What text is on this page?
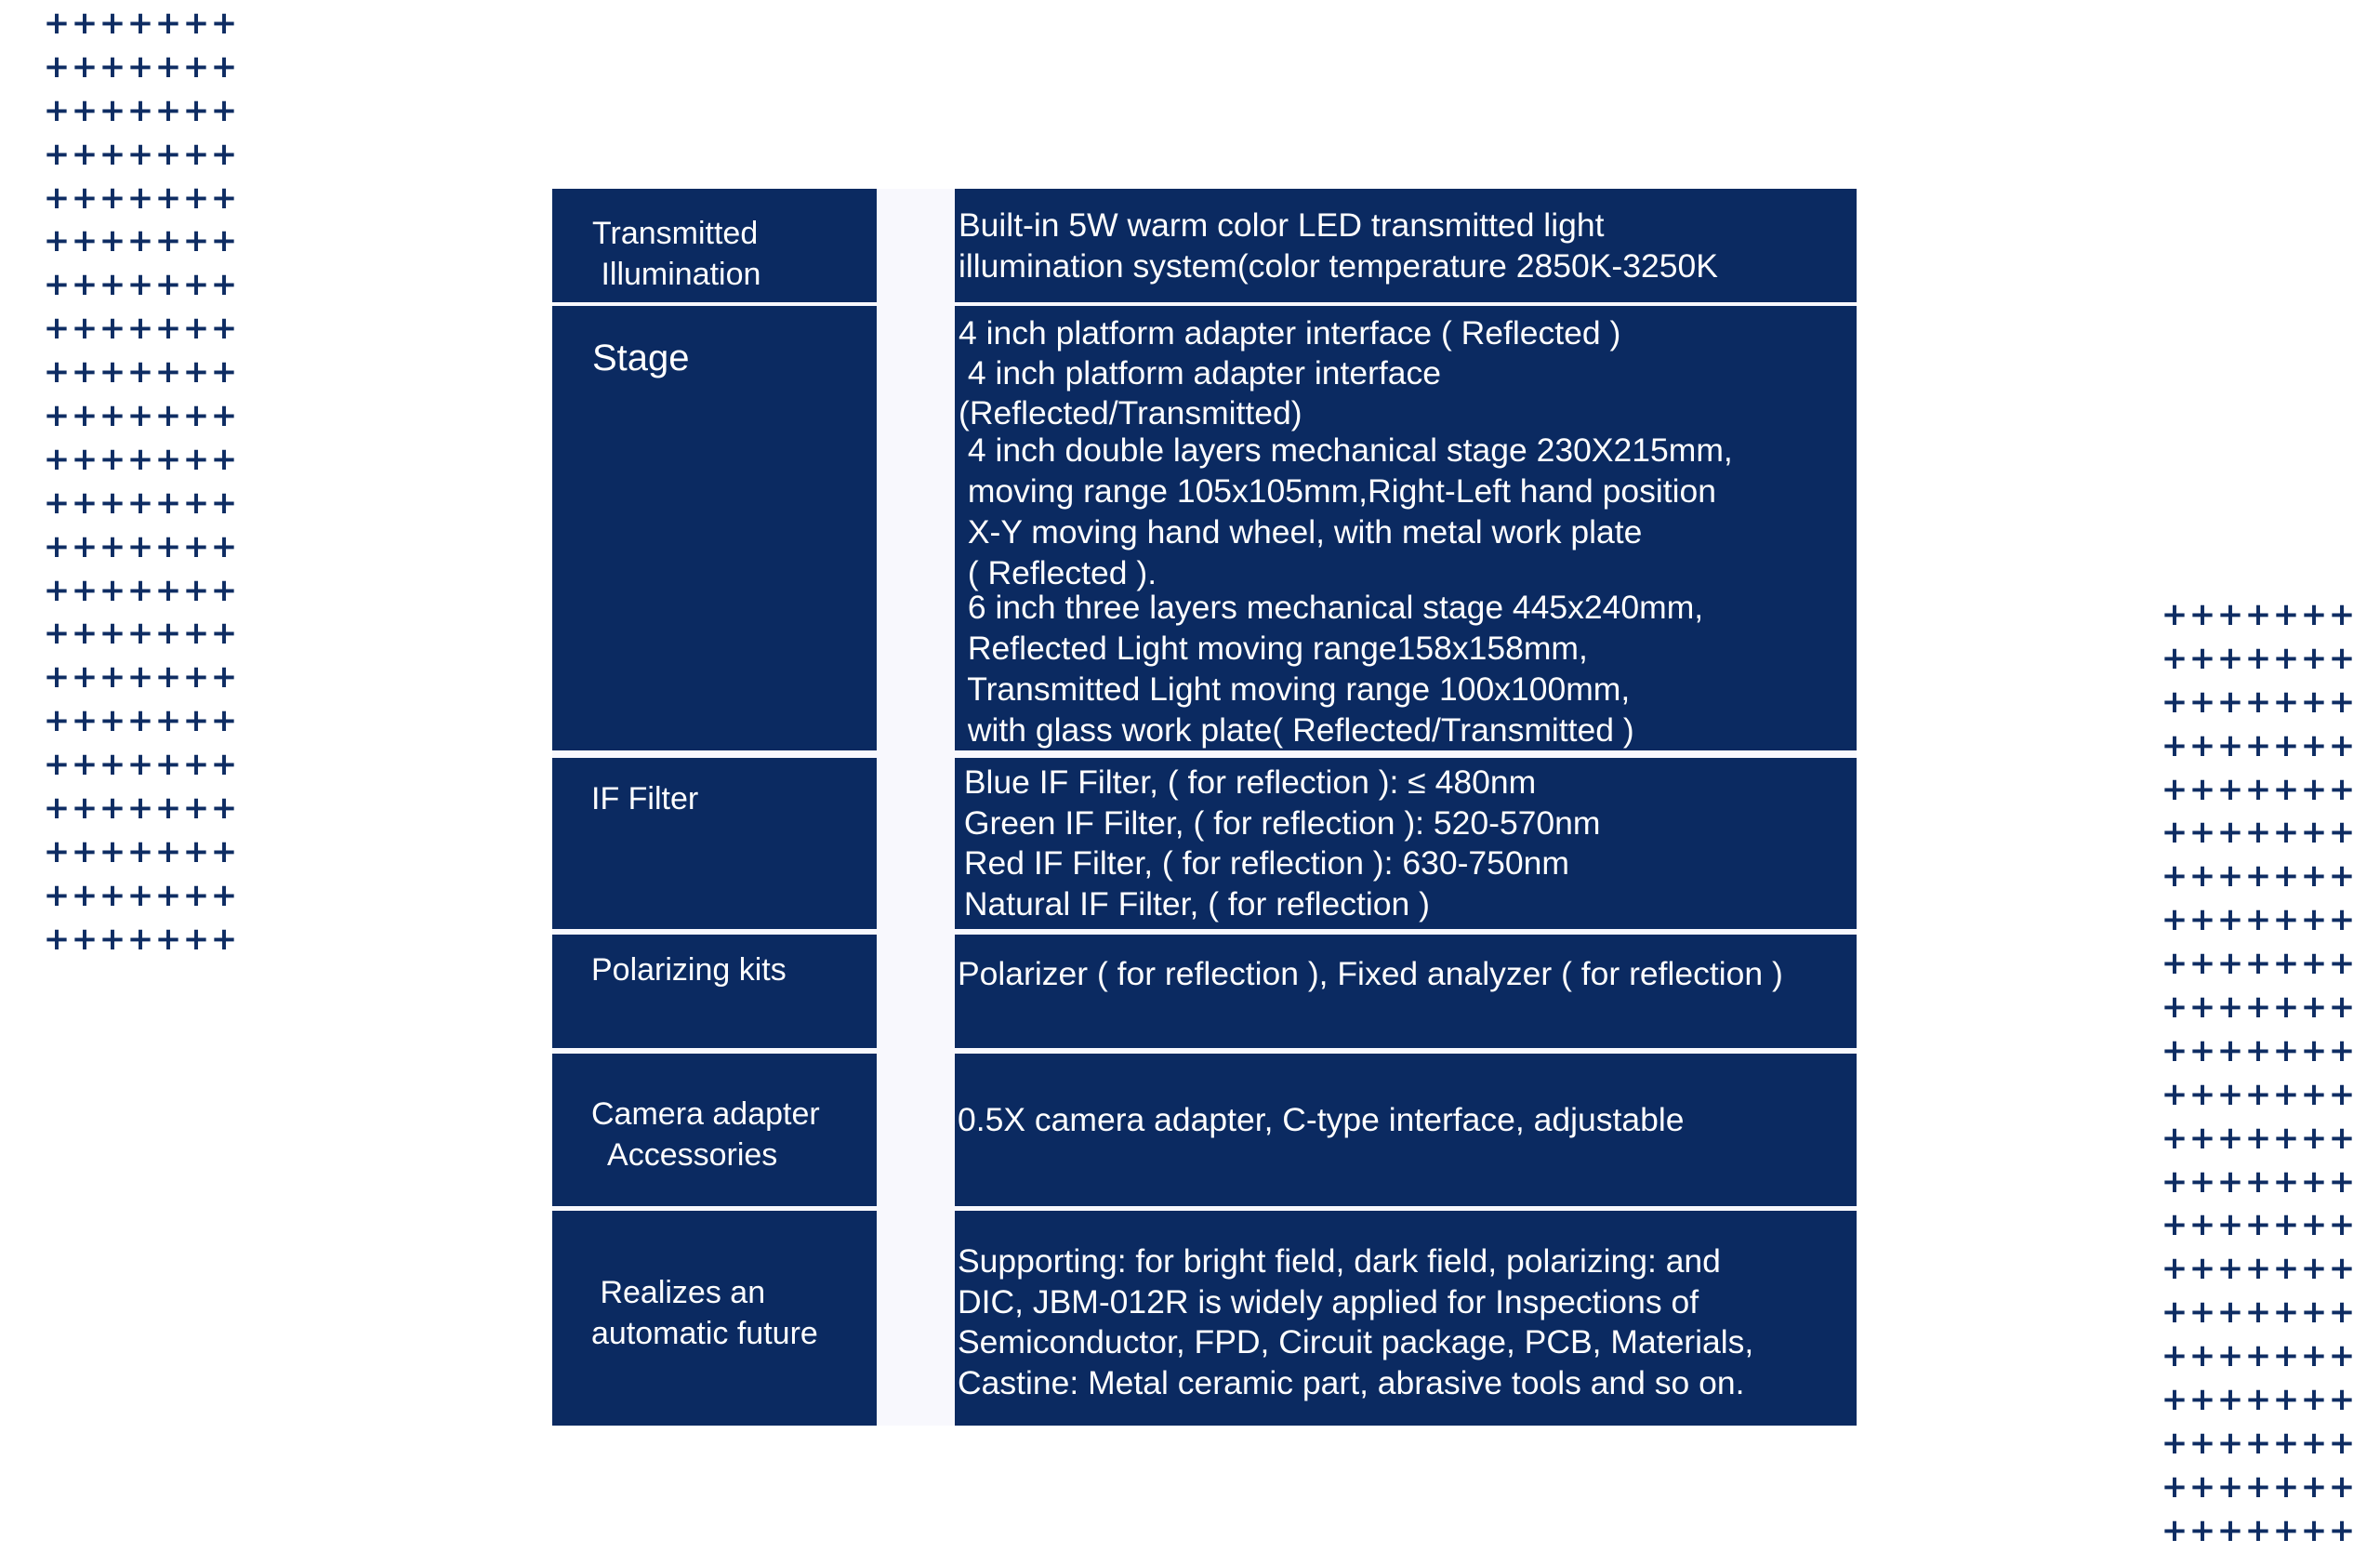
+ + + + + + +
+ + + + + + +
+ + + + + + +
+ + + + + + +
+ + + + + + +
+ + + + + + +
+ + + + + + +
+ + + + + + +
+ + + + + + +
+ + + + + + +
+ + + + + + +
+ + + + + + +
+ + + + + + +
+ + + + + + +
+ + + + + + +
+ + + + + + +
+ + + + + + +
+ + + + + + +
+ + + + + + +
+ + + + + + +
+ + + + + + +
+ + + + + + +
+ + + + + + +
+ + + + + + +
+ + + + + + +
+ + + + + + +
+ + + + + + +
+ + + + + + +
+ + + + + + +
+ + + + + + +
+ + + + + + +
+ + + + + + +
+ + + + + + +
+ + + + + + +
+ + + + + + +
+ + + + + + +
+ + + + + + +
+ + + + + + +
+ + + + + + +
+ + + + + + +
+ + + + + + +
+ + + + + + +
+ + + + + + +
+ + + + + + +
Transmitted
Illumination
Built-in 5W warm color LED transmitted light
illumination system(color temperature 2850K-3250K
Stage
4 inch platform adapter interface ( Reflected )
4 inch platform adapter interface
(Reflected/Transmitted)
4 inch double layers mechanical stage 230X215mm,
moving range 105x105mm,Right-Left hand position
X-Y moving hand wheel, with metal work plate
( Reflected ).
6 inch three layers mechanical stage 445x240mm,
Reflected Light moving range158x158mm,
Transmitted Light moving range 100x100mm,
with glass work plate( Reflected/Transmitted )
IF Filter	Blue IF Filter, ( for reflection ): ≤ 480nm
Green IF Filter, ( for reflection ): 520-570nm
Red IF Filter, ( for reflection ): 630-750nm
Natural IF Filter, ( for reflection )
Polarizing kits	Polarizer ( for reflection ), Fixed analyzer ( for reflection )
Camera adapter
Accessories
0.5X camera adapter, C-type interface, adjustable
Realizes an
automatic future
Supporting: for bright field, dark field, polarizing: and
DIC, JBM-012R is widely applied for Inspections of
Semiconductor, FPD, Circuit package, PCB, Materials,
Castine: Metal ceramic part, abrasive tools and so on.
